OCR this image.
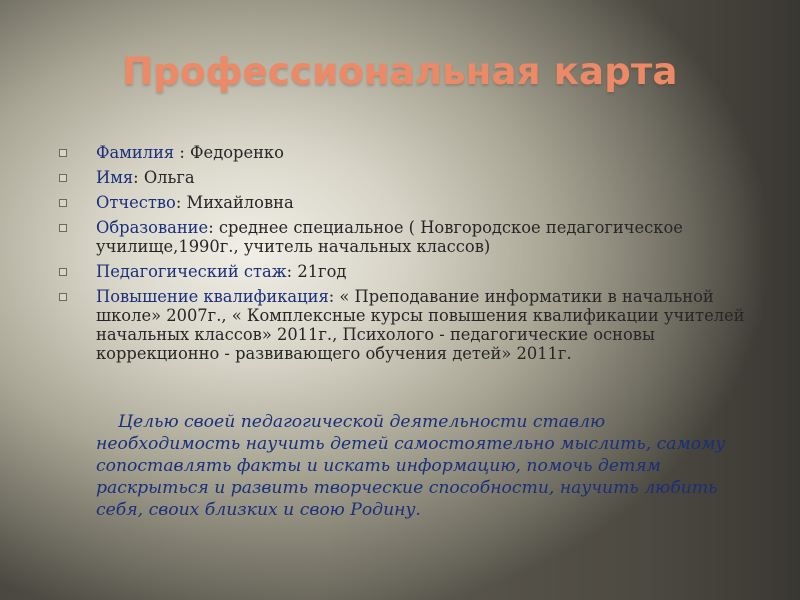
Профессиональная карта
Фамилия : Федоренко
Имя: Ольга
Отчество: Михайловна
Образование: среднее специальное ( Новгородское педагогическое училище,1990г., учитель начальных классов)
Педагогический стаж: 21год
Повышение квалификация: « Преподавание информатики в начальной школе» 2007г., « Комплексные курсы повышения квалификации учителей начальных классов» 2011г., Психолого - педагогические основы коррекционно - развивающего обучения детей» 2011г.

Целью своей педагогической деятельности ставлю необходимость научить детей самостоятельно мыслить, самому сопоставлять факты и искать информацию, помочь детям раскрыться и развить творческие способности, научить любить себя, своих близких и свою Родину.
